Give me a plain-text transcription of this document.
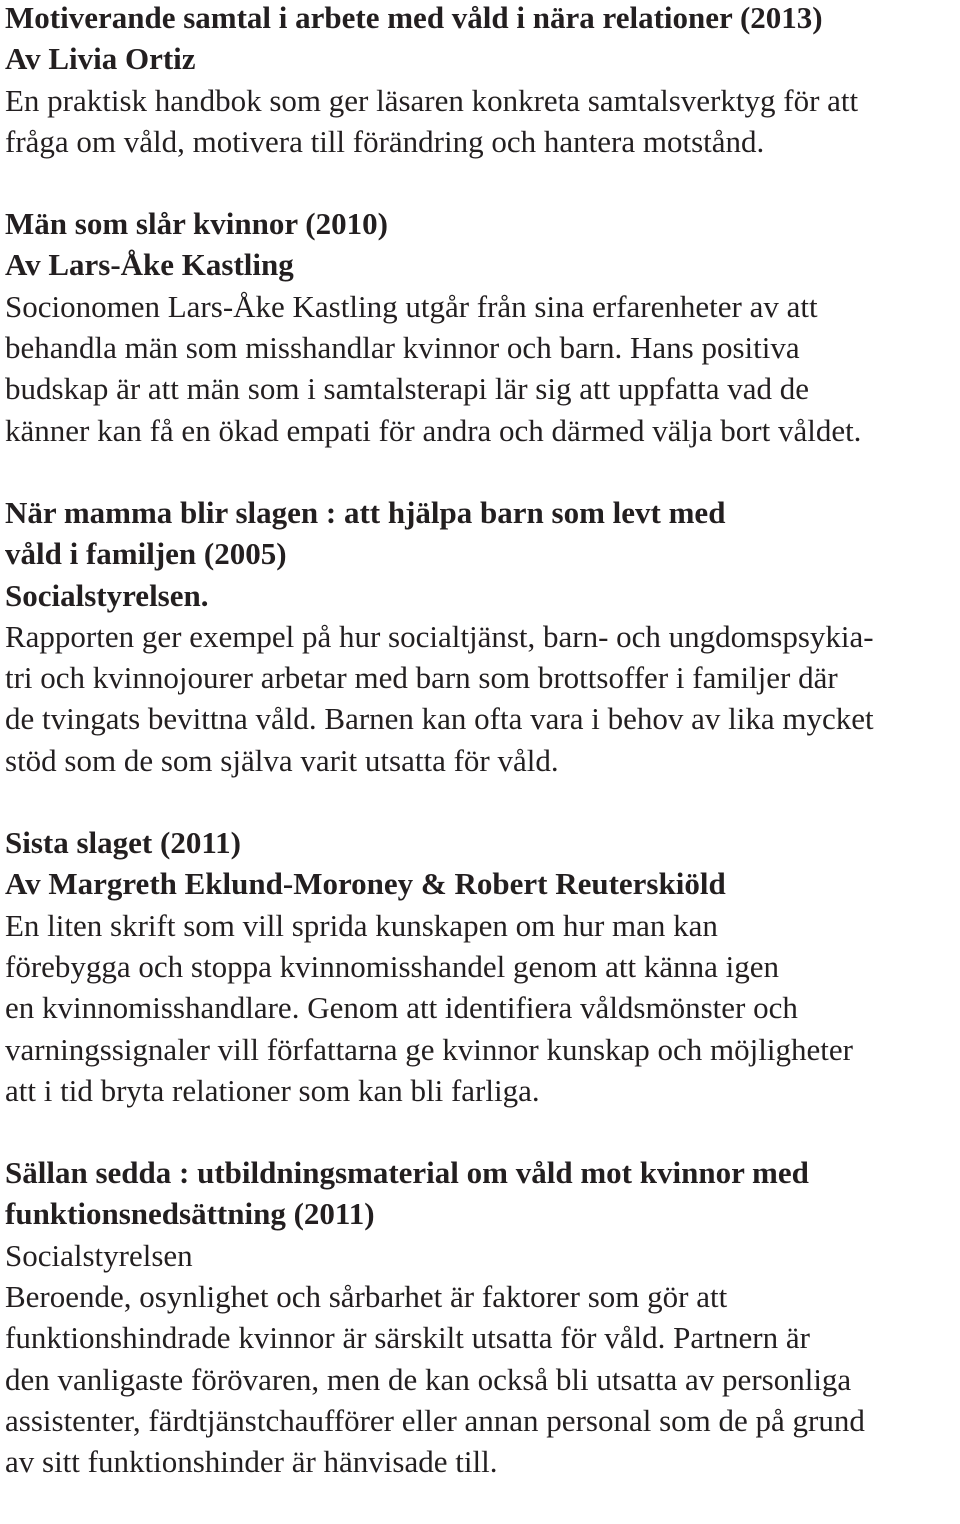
Motiverande samtal i arbete med våld i nära relationer (2013)
Av Livia Ortiz
En praktisk handbok som ger läsaren konkreta samtalsverktyg för att
fråga om våld, motivera till förändring och hantera motstånd.
Män som slår kvinnor (2010)
Av Lars-Åke Kastling
Socionomen Lars-Åke Kastling utgår från sina erfarenheter av att
behandla män som misshandlar kvinnor och barn. Hans positiva
budskap är att män som i samtalsterapi lär sig att uppfatta vad de
känner kan få en ökad empati för andra och därmed välja bort våldet.
När mamma blir slagen : att hjälpa barn som levt med
våld i familjen (2005)
Socialstyrelsen.
Rapporten ger exempel på hur socialtjänst, barn- och ungdomspsykia-
tri och kvinnojourer arbetar med barn som brottsoffer i familjer där
de tvingats bevittna våld. Barnen kan ofta vara i behov av lika mycket
stöd som de som själva varit utsatta för våld.
Sista slaget (2011)
Av Margreth Eklund-Moroney & Robert Reuterskiöld
En liten skrift som vill sprida kunskapen om hur man kan
förebygga och stoppa kvinnomisshandel genom att känna igen
en kvinnomisshandlare. Genom att identifiera våldsmönster och
varningssignaler vill författarna ge kvinnor kunskap och möjligheter
att i tid bryta relationer som kan bli farliga.
Sällan sedda : utbildningsmaterial om våld mot kvinnor med
funktionsnedsättning (2011)
Socialstyrelsen
Beroende, osynlighet och sårbarhet är faktorer som gör att
funktionshindrade kvinnor är särskilt utsatta för våld. Partnern är
den vanligaste förövaren, men de kan också bli utsatta av personliga
assistenter, färdtjänstchaufförer eller annan personal som de på grund
av sitt funktionshinder är hänvisade till.
